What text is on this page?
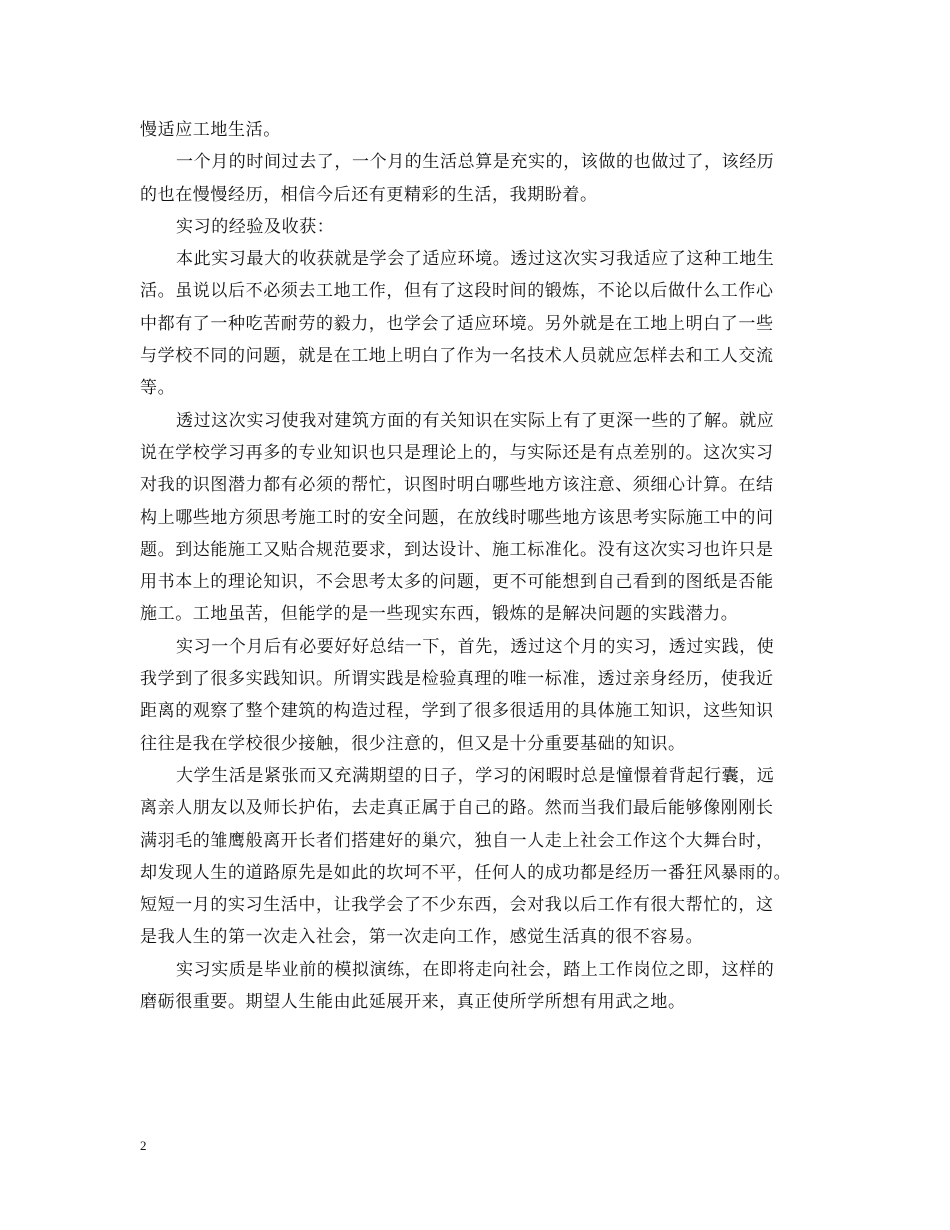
慢适应工地生活。
一个月的时间过去了，一个月的生活总算是充实的，该做的也做过了，该经历
的也在慢慢经历，相信今后还有更精彩的生活，我期盼着。
实习的经验及收获：
本此实习最大的收获就是学会了适应环境。透过这次实习我适应了这种工地生
活。虽说以后不必须去工地工作，但有了这段时间的锻炼，不论以后做什么工作心
中都有了一种吃苦耐劳的毅力，也学会了适应环境。另外就是在工地上明白了一些
与学校不同的问题，就是在工地上明白了作为一名技术人员就应怎样去和工人交流
等。
透过这次实习使我对建筑方面的有关知识在实际上有了更深一些的了解。就应
说在学校学习再多的专业知识也只是理论上的，与实际还是有点差别的。这次实习
对我的识图潜力都有必须的帮忙，识图时明白哪些地方该注意、须细心计算。在结
构上哪些地方须思考施工时的安全问题，在放线时哪些地方该思考实际施工中的问
题。到达能施工又贴合规范要求，到达设计、施工标准化。没有这次实习也许只是
用书本上的理论知识，不会思考太多的问题，更不可能想到自己看到的图纸是否能
施工。工地虽苦，但能学的是一些现实东西，锻炼的是解决问题的实践潜力。
实习一个月后有必要好好总结一下，首先，透过这个月的实习，透过实践，使
我学到了很多实践知识。所谓实践是检验真理的唯一标准，透过亲身经历，使我近
距离的观察了整个建筑的构造过程，学到了很多很适用的具体施工知识，这些知识
往往是我在学校很少接触，很少注意的，但又是十分重要基础的知识。
大学生活是紧张而又充满期望的日子，学习的闲暇时总是憧憬着背起行囊，远
离亲人朋友以及师长护佑，去走真正属于自己的路。然而当我们最后能够像刚刚长
满羽毛的雏鹰般离开长者们搭建好的巢穴，独自一人走上社会工作这个大舞台时，
却发现人生的道路原先是如此的坎坷不平，任何人的成功都是经历一番狂风暴雨的。
短短一月的实习生活中，让我学会了不少东西，会对我以后工作有很大帮忙的，这
是我人生的第一次走入社会，第一次走向工作，感觉生活真的很不容易。
实习实质是毕业前的模拟演练，在即将走向社会，踏上工作岗位之即，这样的
磨砺很重要。期望人生能由此延展开来，真正使所学所想有用武之地。
2
